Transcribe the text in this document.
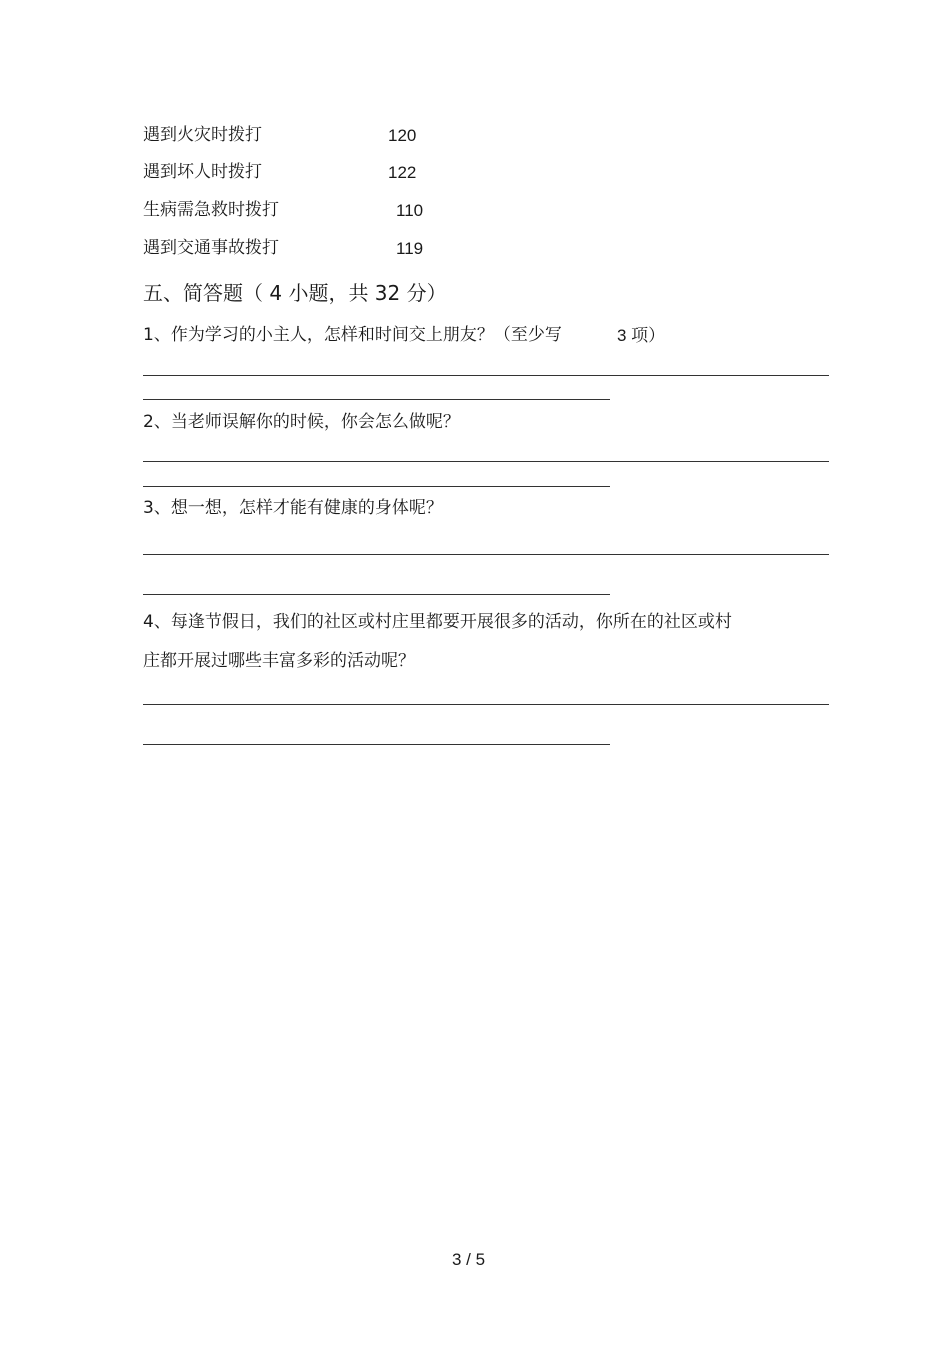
遇到火灾时拨打	120
遇到坏人时拨打	122
生病需急救时拨打	110
遇到交通事故拨打	119
五、简答题（ 4 小题，共 32 分）
1、作为学习的小主人，怎样和时间交上朋友？（至少写	3 项）
2、当老师误解你的时候，你会怎么做呢？
3、想一想，怎样才能有健康的身体呢？
4、每逢节假日，我们的社区或村庄里都要开展很多的活动，你所在的社区或村
庄都开展过哪些丰富多彩的活动呢？
3 / 5
